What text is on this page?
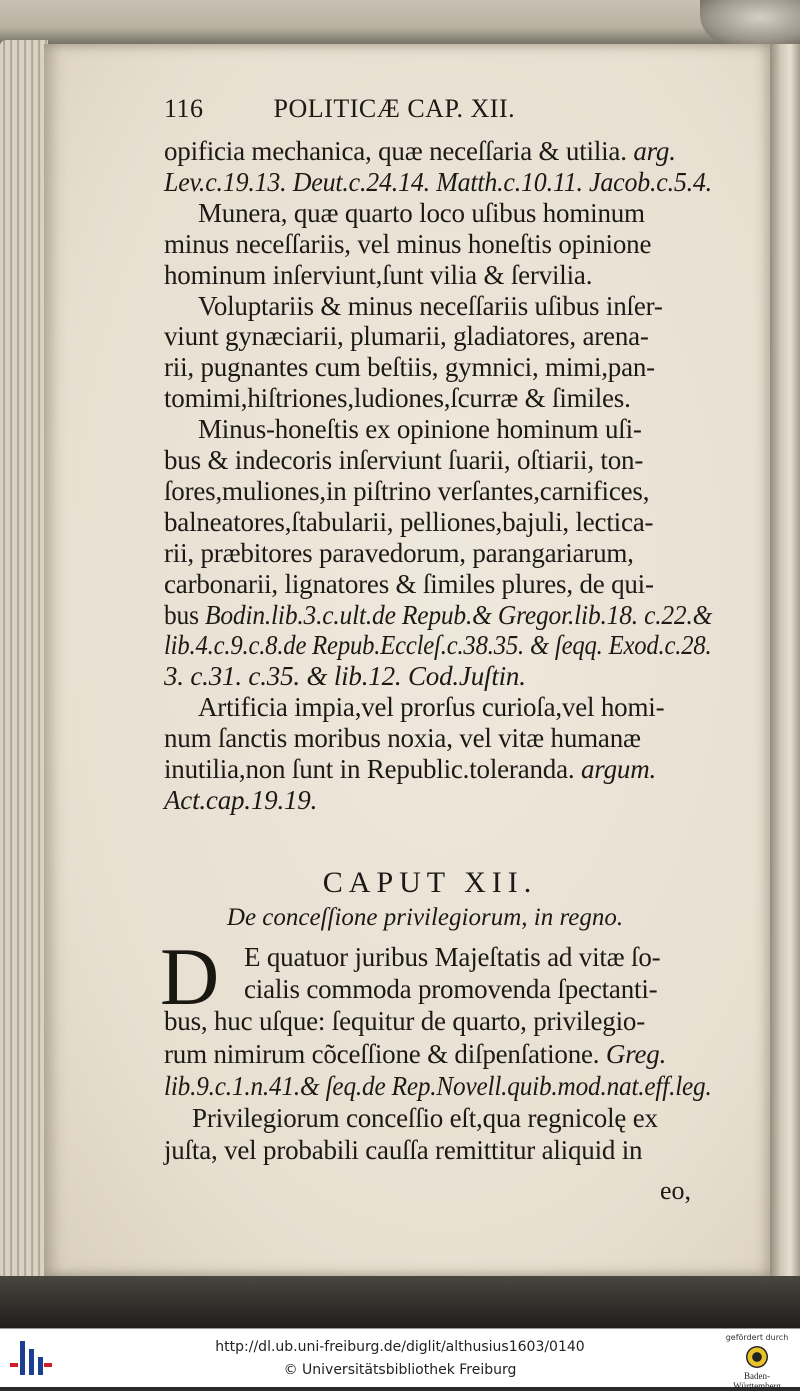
116	POLITICÆ CAP. XII.
opificia mechanica, quæ neceſſaria & utilia. arg.
Lev.c.19.13. Deut.c.24.14. Matth.c.10.11. Jacob.c.5.4.
Munera, quæ quarto loco uſibus hominum
minus neceſſariis, vel minus honeſtis opinione
hominum inſerviunt,ſunt vilia & ſervilia.
Voluptariis & minus neceſſariis uſibus inſer-
viunt gynæciarii, plumarii, gladiatores, arena-
rii, pugnantes cum beſtiis, gymnici, mimi,pan-
tomimi,hiſtriones,ludiones,ſcurræ & ſimiles.
Minus-honeſtis ex opinione hominum uſi-
bus & indecoris inſerviunt ſuarii, oſtiarii, ton-
ſores,muliones,in piſtrino verſantes,carnifices,
balneatores,ſtabularii, pelliones,bajuli, lecticа-
rii, præbitores paravedorum, parangariarum,
carbonarii, lignatores & ſimiles plures, de qui-
bus Bodin.lib.3.c.ult.de Repub.& Gregor.lib.18. c.22.&
lib.4.c.9.c.8.de Repub.Eccleſ.c.38.35. & ſeqq. Exod.c.28.
3. c.31. c.35. & lib.12. Cod.Juſtin.
Artificia impia,vel prorſus curioſa,vel homi-
num ſanctis moribus noxia, vel vitæ humanæ
inutilia,non ſunt in Republic.toleranda. argum.
Act.cap.19.19.
CAPUT XII.
De conceſſione privilegiorum, in regno.
D E quatuor juribus Majeſtatis ad vitæ ſo-
cialis commoda promovenda ſpectanti-
bus, huc uſque: ſequitur de quarto, privilegio-
rum nimirum cõceſſione & diſpenſatione. Greg.
lib.9.c.1.n.41.& ſeq.de Rep.Novell.quib.mod.nat.eff.leg.
Privilegiorum conceſſio eſt,qua regnicolę ex
juſta, vel probabili cauſſa remittitur aliquid in
eo,
http://dl.ub.uni-freiburg.de/diglit/althusius1603/0140
© Universitätsbibliothek Freiburg
gefördert durch
Baden-Württemberg
